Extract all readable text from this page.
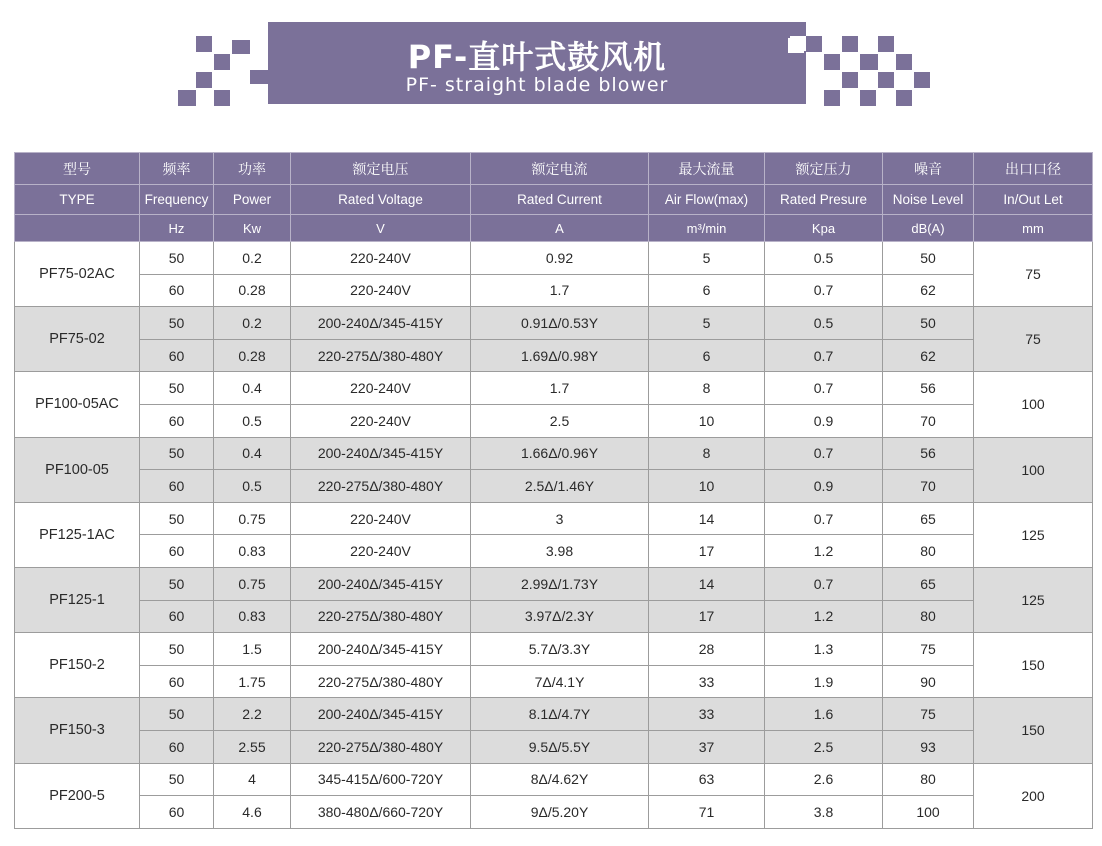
PF-直叶式鼓风机
PF- straight blade blower
型号	频率	功率	额定电压	额定电流	最大流量	额定压力	噪音	出口口径
TYPE	Frequency	Power	Rated Voltage	Rated Current	Air Flow(max)	Rated Presure	Noise Level	In/Out Let
	Hz	Kw	V	A	m³/min	Kpa	dB(A)	mm
PF75-02AC	50	0.2	220-240V	0.92	5	0.5	50	75
	60	0.28	220-240V	1.7	6	0.7	62	
PF75-02	50	0.2	200-240Δ/345-415Y	0.91Δ/0.53Y	5	0.5	50	75
	60	0.28	220-275Δ/380-480Y	1.69Δ/0.98Y	6	0.7	62	
PF100-05AC	50	0.4	220-240V	1.7	8	0.7	56	100
	60	0.5	220-240V	2.5	10	0.9	70	
PF100-05	50	0.4	200-240Δ/345-415Y	1.66Δ/0.96Y	8	0.7	56	100
	60	0.5	220-275Δ/380-480Y	2.5Δ/1.46Y	10	0.9	70	
PF125-1AC	50	0.75	220-240V	3	14	0.7	65	125
	60	0.83	220-240V	3.98	17	1.2	80	
PF125-1	50	0.75	200-240Δ/345-415Y	2.99Δ/1.73Y	14	0.7	65	125
	60	0.83	220-275Δ/380-480Y	3.97Δ/2.3Y	17	1.2	80	
PF150-2	50	1.5	200-240Δ/345-415Y	5.7Δ/3.3Y	28	1.3	75	150
	60	1.75	220-275Δ/380-480Y	7Δ/4.1Y	33	1.9	90	
PF150-3	50	2.2	200-240Δ/345-415Y	8.1Δ/4.7Y	33	1.6	75	150
	60	2.55	220-275Δ/380-480Y	9.5Δ/5.5Y	37	2.5	93	
PF200-5	50	4	345-415Δ/600-720Y	8Δ/4.62Y	63	2.6	80	200
	60	4.6	380-480Δ/660-720Y	9Δ/5.20Y	71	3.8	100	
